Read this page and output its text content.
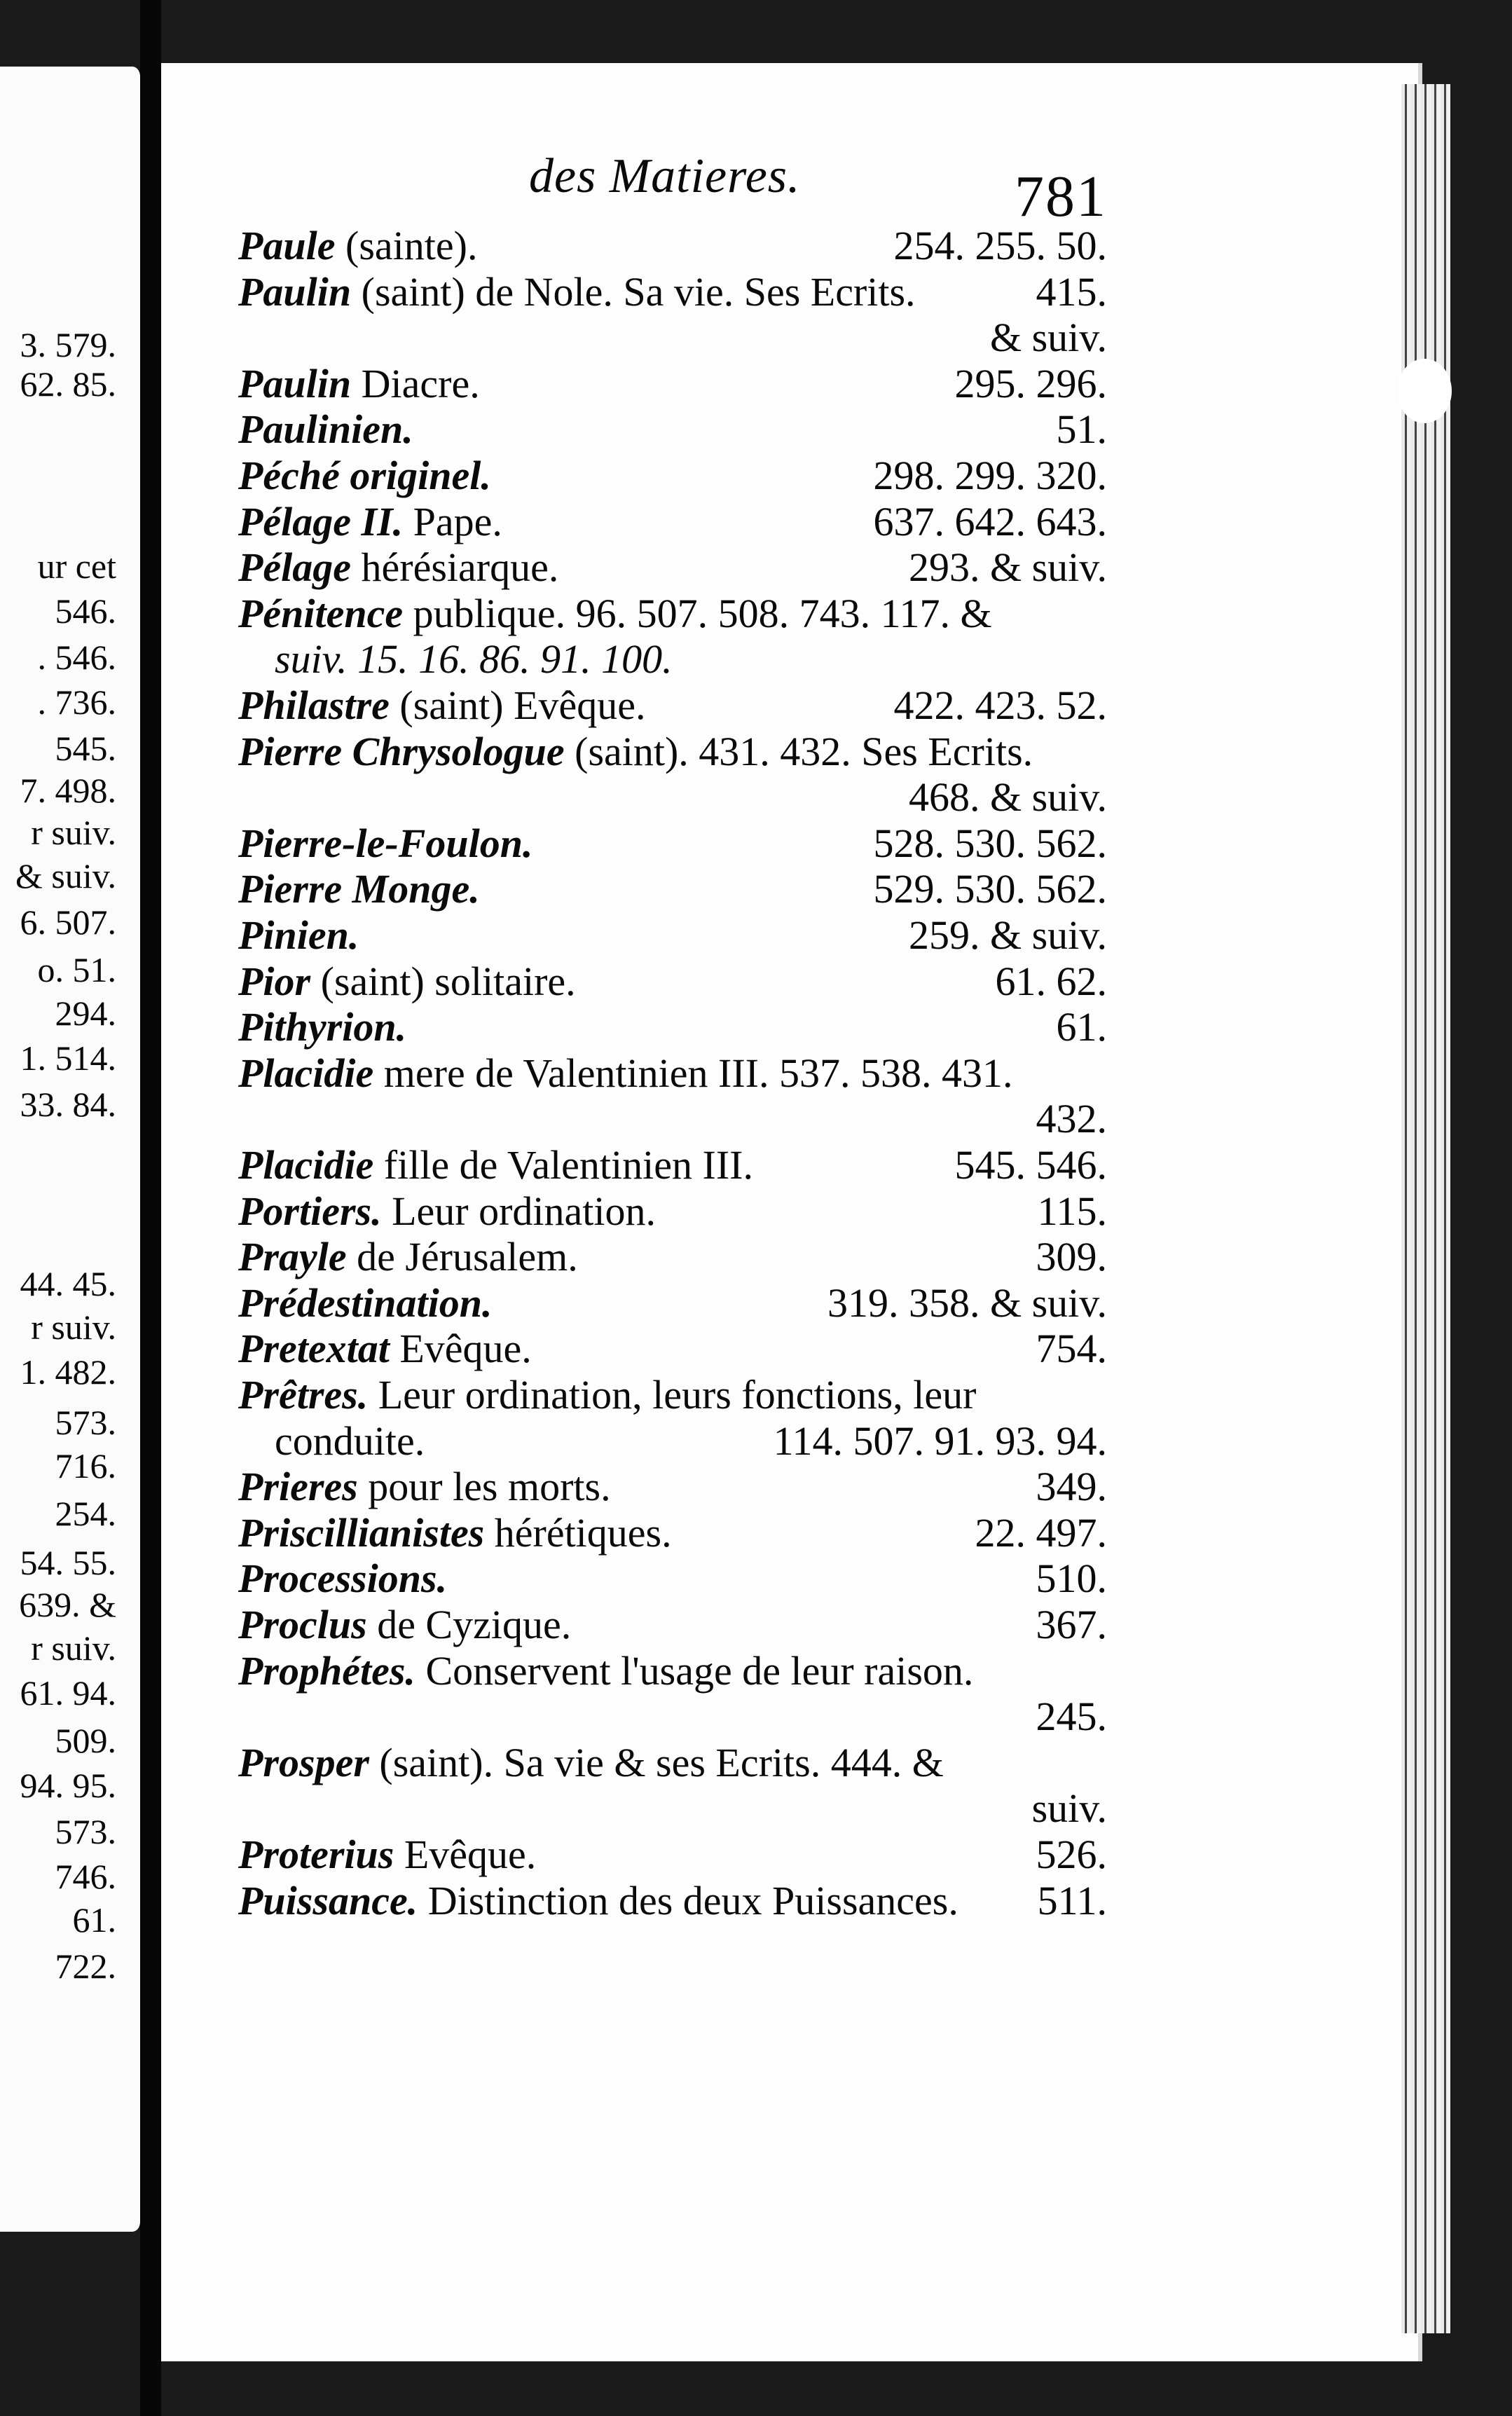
3. 579.
62. 85.
ur cet
546.
. 546.
. 736.
545.
7. 498.
r suiv.
& suiv.
6. 507.
o. 51.
294.
1. 514.
33. 84.
44. 45.
r suiv.
1. 482.
573.
716.
254.
54. 55.
639. &
r suiv.
61. 94.
509.
94. 95.
573.
746.
61.
722.
des Matieres.	781
Paule (sainte).	254. 255. 50.
Paulin (saint) de Nole. Sa vie. Ses Ecrits.	415.
& suiv.
Paulin Diacre.	295. 296.
Paulinien.	51.
Péché originel.	298. 299. 320.
Pélage II. Pape.	637. 642. 643.
Pélage hérésiarque.	293. & suiv.
Pénitence publique. 96. 507. 508. 743. 117. &
suiv. 15. 16. 86. 91. 100.
Philastre (saint) Evêque.	422. 423. 52.
Pierre Chrysologue (saint). 431. 432. Ses Ecrits.
468. & suiv.
Pierre-le-Foulon.	528. 530. 562.
Pierre Monge.	529. 530. 562.
Pinien.	259. & suiv.
Pior (saint) solitaire.	61. 62.
Pithyrion.	61.
Placidie mere de Valentinien III. 537. 538. 431.
432.
Placidie fille de Valentinien III.	545. 546.
Portiers. Leur ordination.	115.
Prayle de Jérusalem.	309.
Prédestination.	319. 358. & suiv.
Pretextat Evêque.	754.
Prêtres. Leur ordination, leurs fonctions, leur
conduite.	114. 507. 91. 93. 94.
Prieres pour les morts.	349.
Priscillianistes hérétiques.	22. 497.
Processions.	510.
Proclus de Cyzique.	367.
Prophétes. Conservent l'usage de leur raison.
245.
Prosper (saint). Sa vie & ses Ecrits. 444. &
suiv.
Proterius Evêque.	526.
Puissance. Distinction des deux Puissances. 511.
